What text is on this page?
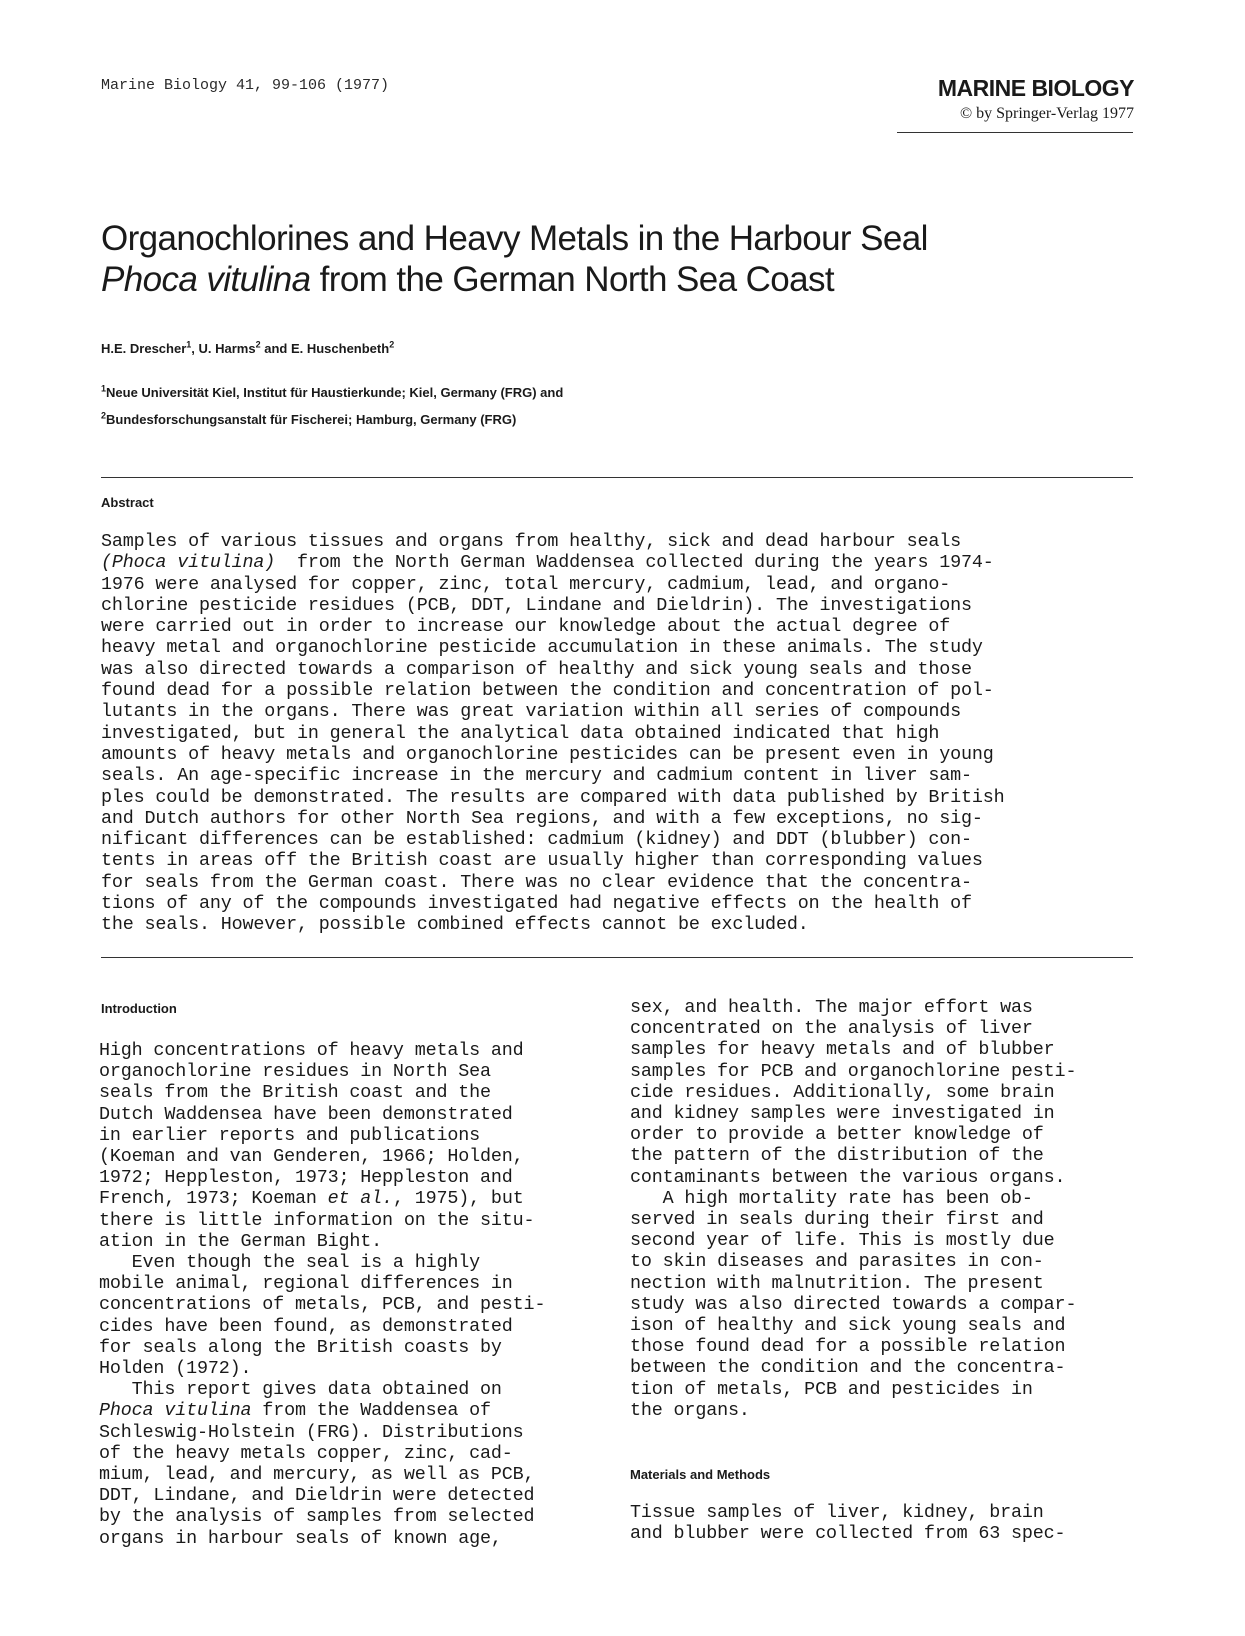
Marine Biology 41, 99-106 (1977)	MARINE BIOLOGY
© by Springer-Verlag 1977
Organochlorines and Heavy Metals in the Harbour Seal
Phoca vitulina from the German North Sea Coast
H.E. Drescher$^1$, U. Harms$^2$ and E. Huschenbeth$^2$
$^1$Neue Universität Kiel, Institut für Haustierkunde; Kiel, Germany (FRG) and
$^2$Bundesforschungsanstalt für Fischerei; Hamburg, Germany (FRG)
Abstract

Samples of various tissues and organs from healthy, sick and dead harbour seals
(Phoca vitulina)  from the North German Waddensea collected during the years 1974-
1976 were analysed for copper, zinc, total mercury, cadmium, lead, and organo-
chlorine pesticide residues (PCB, DDT, Lindane and Dieldrin). The investigations
were carried out in order to increase our knowledge about the actual degree of
heavy metal and organochlorine pesticide accumulation in these animals. The study
was also directed towards a comparison of healthy and sick young seals and those
found dead for a possible relation between the condition and concentration of pol-
lutants in the organs. There was great variation within all series of compounds
investigated, but in general the analytical data obtained indicated that high
amounts of heavy metals and organochlorine pesticides can be present even in young
seals. An age-specific increase in the mercury and cadmium content in liver sam-
ples could be demonstrated. The results are compared with data published by British
and Dutch authors for other North Sea regions, and with a few exceptions, no sig-
nificant differences can be established: cadmium (kidney) and DDT (blubber) con-
tents in areas off the British coast are usually higher than corresponding values
for seals from the German coast. There was no clear evidence that the concentra-
tions of any of the compounds investigated had negative effects on the health of
the seals. However, possible combined effects cannot be excluded.

Introduction

High concentrations of heavy metals and
organochlorine residues in North Sea
seals from the British coast and the
Dutch Waddensea have been demonstrated
in earlier reports and publications
(Koeman and van Genderen, 1966; Holden,
1972; Heppleston, 1973; Heppleston and
French, 1973; Koeman et al., 1975), but
there is little information on the situ-
ation in the German Bight.
Even though the seal is a highly
mobile animal, regional differences in
concentrations of metals, PCB, and pesti-
cides have been found, as demonstrated
for seals along the British coasts by
Holden (1972).
This report gives data obtained on
Phoca vitulina from the Waddensea of
Schleswig-Holstein (FRG). Distributions
of the heavy metals copper, zinc, cad-
mium, lead, and mercury, as well as PCB,
DDT, Lindane, and Dieldrin were detected
by the analysis of samples from selected
organs in harbour seals of known age,

sex, and health. The major effort was
concentrated on the analysis of liver
samples for heavy metals and of blubber
samples for PCB and organochlorine pesti-
cide residues. Additionally, some brain
and kidney samples were investigated in
order to provide a better knowledge of
the pattern of the distribution of the
contaminants between the various organs.
A high mortality rate has been ob-
served in seals during their first and
second year of life. This is mostly due
to skin diseases and parasites in con-
nection with malnutrition. The present
study was also directed towards a compar-
ison of healthy and sick young seals and
those found dead for a possible relation
between the condition and the concentra-
tion of metals, PCB and pesticides in
the organs.

Materials and Methods

Tissue samples of liver, kidney, brain
and blubber were collected from 63 spec-
